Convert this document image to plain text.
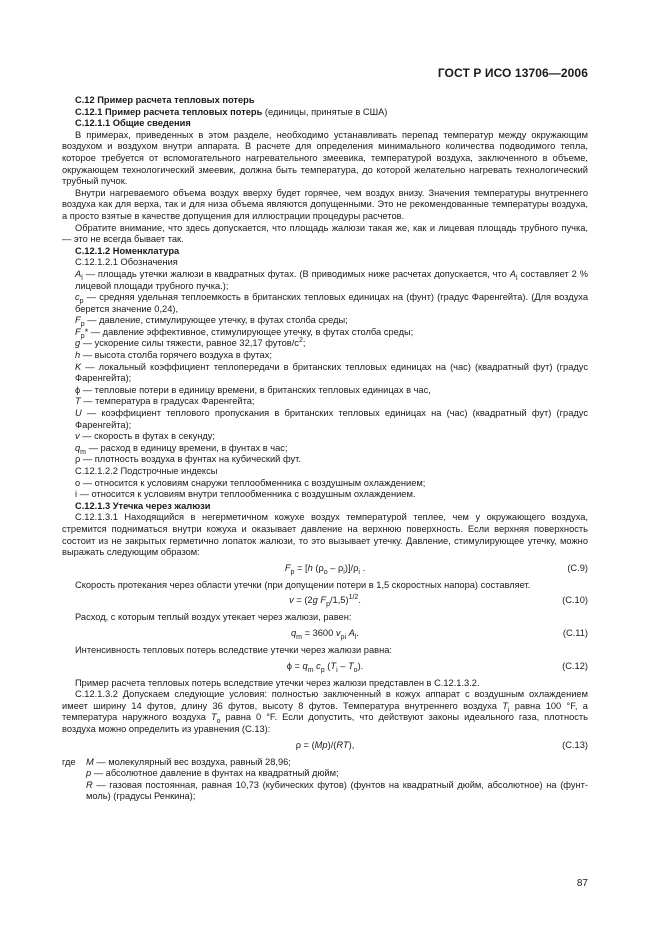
ГОСТ Р ИСО 13706—2006

С.12 Пример расчета тепловых потерь

С.12.1 Пример расчета тепловых потерь (единицы, принятые в США)

С.12.1.1 Общие сведения

В примерах, приведенных в этом разделе, необходимо устанавливать перепад температур между окружающим воздухом и воздухом внутри аппарата. В расчете для определения минимального количества подводимого тепла, которое требуется от вспомогательного нагревательного змеевика, температурой воздуха, заключенного в объеме, окружающем технологический змеевик, должна быть температура, до которой желательно нагревать технологический трубный пучок.

Внутри нагреваемого объема воздух вверху будет горячее, чем воздух внизу. Значения температуры внутреннего воздуха как для верха, так и для низа объема являются допущенными. Это не рекомендованные температуры воздуха, а просто взятые в качестве допущения для иллюстрации процедуры расчетов.

Обратите внимание, что здесь допускается, что площадь жалюзи такая же, как и лицевая площадь трубного пучка, — это не всегда бывает так.

С.12.1.2 Номенклатура

С.12.1.2.1 Обозначения

$A_l$ — площадь утечки жалюзи в квадратных футах. (В приводимых ниже расчетах допускается, что $A_l$ составляет 2 % лицевой площади трубного пучка.);

$c_p$ — средняя удельная теплоемкость в британских тепловых единицах на (фунт) (градус Фаренгейта). (Для воздуха берется значение 0,24),

$F_p$ — давление, стимулирующее утечку, в футах столба среды;

$F_p*$ — давление эффективное, стимулирующее утечку, в футах столба среды;

g — ускорение силы тяжести, равное 32,17 футов/$с^2$;

h — высота столба горячего воздуха в футах;

K — локальный коэффициент теплопередачи в британских тепловых единицах на (час) (квадратный фут) (градус Фаренгейта);

ϕ — тепловые потери в единицу времени, в британских тепловых единицах в час,

T — температура в градусах Фаренгейта;

U — коэффициент теплового пропускания в британских тепловых единицах на (час) (квадратный фут) (градус Фаренгейта);

v — скорость в футах в секунду;

$q_m$ — расход в единицу времени, в фунтах в час;

ρ — плотность воздуха в фунтах на кубический фут.

С.12.1.2.2 Подстрочные индексы

о — относится к условиям снаружи теплообменника с воздушным охлаждением;

i — относится к условиям внутри теплообменника с воздушным охлаждением.

С.12.1.3 Утечка через жалюзи

С.12.1.3.1 Находящийся в негерметичном кожухе воздух температурой теплее, чем у окружающего воздуха, стремится подниматься внутри кожуха и оказывает давление на верхнюю поверхность. Если верхняя поверхность состоит из не закрытых герметично лопаток жалюзи, то это вызывает утечку. Давление, стимулирующее утечку, можно выражать следующим образом:

$F_p = [h$ $(\rho_o - \rho_i)]/\rho_i$ .	(С.9)

Скорость протекания через области утечки (при допущении потери в 1,5 скоростных напора) составляет.

v = (2g $F_p/1,5)^{1/2}$.	(С.10)

Расход, с которым теплый воздух утекает через жалюзи, равен:

$q_m = 3600$ $v_{\rho i}$ $A_l$.	(С.11)

Интенсивность тепловых потерь вследствие утечки через жалюзи равна:

$\phi = q_m$ $c_p$ $(T_i - T_o)$.	(С.12)

Пример расчета тепловых потерь вследствие утечки через жалюзи представлен в С.12.1.3.2.

С.12.1.3.2 Допускаем следующие условия: полностью заключенный в кожух аппарат с воздушным охлаждением имеет ширину 14 футов, длину 36 футов, высоту 8 футов. Температура внутреннего воздуха $T_i$ равна 100 °F, а температура наружного воздуха $T_o$ равна 0 °F. Если допустить, что действуют законы идеального газа, плотность воздуха можно определить из уравнения (С.13):

ρ = (Mp)/(RT),	(С.13)
где	M — молекулярный вес воздуха, равный 28,96;
p — абсолютное давление в фунтах на квадратный дюйм;
R — газовая постоянная, равная 10,73 (кубических футов) (фунтов на квадратный дюйм, абсолютное) на (фунт-моль) (градусы Ренкина);
87
